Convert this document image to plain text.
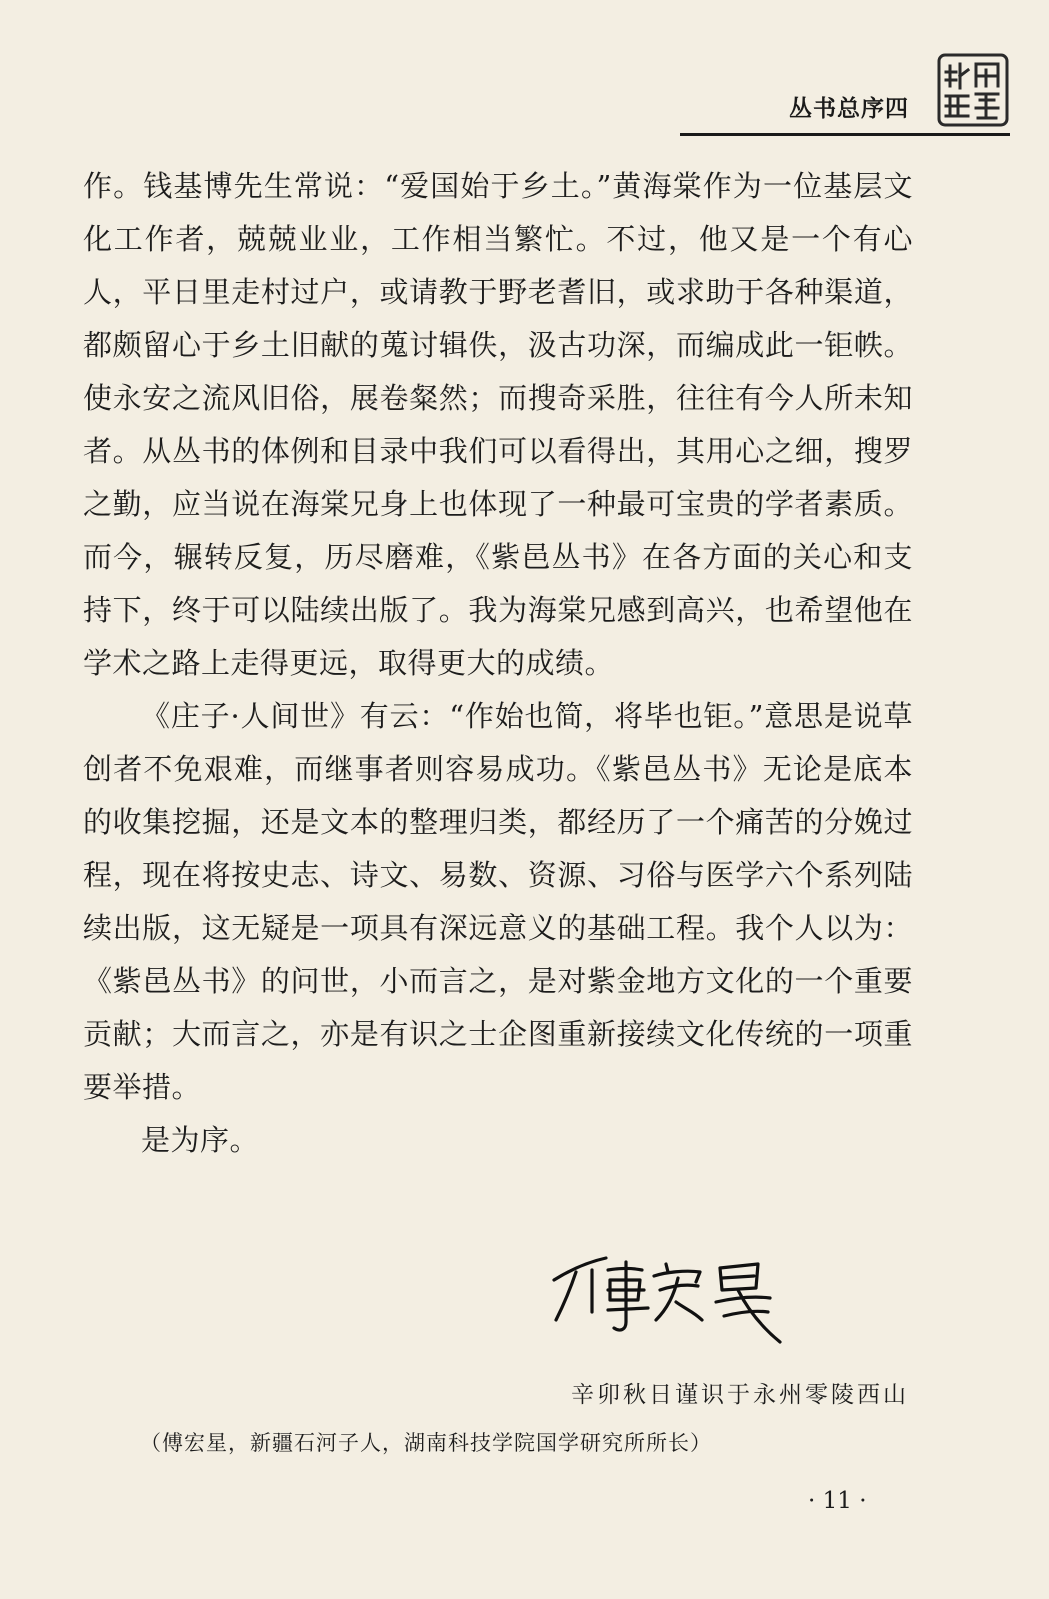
丛书总序四

作。钱基博先生常说：“爱国始于乡土。”黄海棠作为一位基层文化工作者，兢兢业业，工作相当繁忙。不过，他又是一个有心人，平日里走村过户，或请教于野老耆旧，或求助于各种渠道，都颇留心于乡土旧献的蒐讨辑佚，汲古功深，而编成此一钜帙。使永安之流风旧俗，展卷粲然；而搜奇采胜，往往有今人所未知者。从丛书的体例和目录中我们可以看得出，其用心之细，搜罗之勤，应当说在海棠兄身上也体现了一种最可宝贵的学者素质。而今，辗转反复，历尽磨难，《紫邑丛书》在各方面的关心和支持下，终于可以陆续出版了。我为海棠兄感到高兴，也希望他在学术之路上走得更远，取得更大的成绩。

《庄子·人间世》有云：“作始也简，将毕也钜。”意思是说草创者不免艰难，而继事者则容易成功。《紫邑丛书》无论是底本的收集挖掘，还是文本的整理归类，都经历了一个痛苦的分娩过程，现在将按史志、诗文、易数、资源、习俗与医学六个系列陆续出版，这无疑是一项具有深远意义的基础工程。我个人以为：《紫邑丛书》的问世，小而言之，是对紫金地方文化的一个重要贡献；大而言之，亦是有识之士企图重新接续文化传统的一项重要举措。

是为序。

辛卯秋日谨识于永州零陵西山
（傅宏星，新疆石河子人，湖南科技学院国学研究所所长）
· 11 ·
